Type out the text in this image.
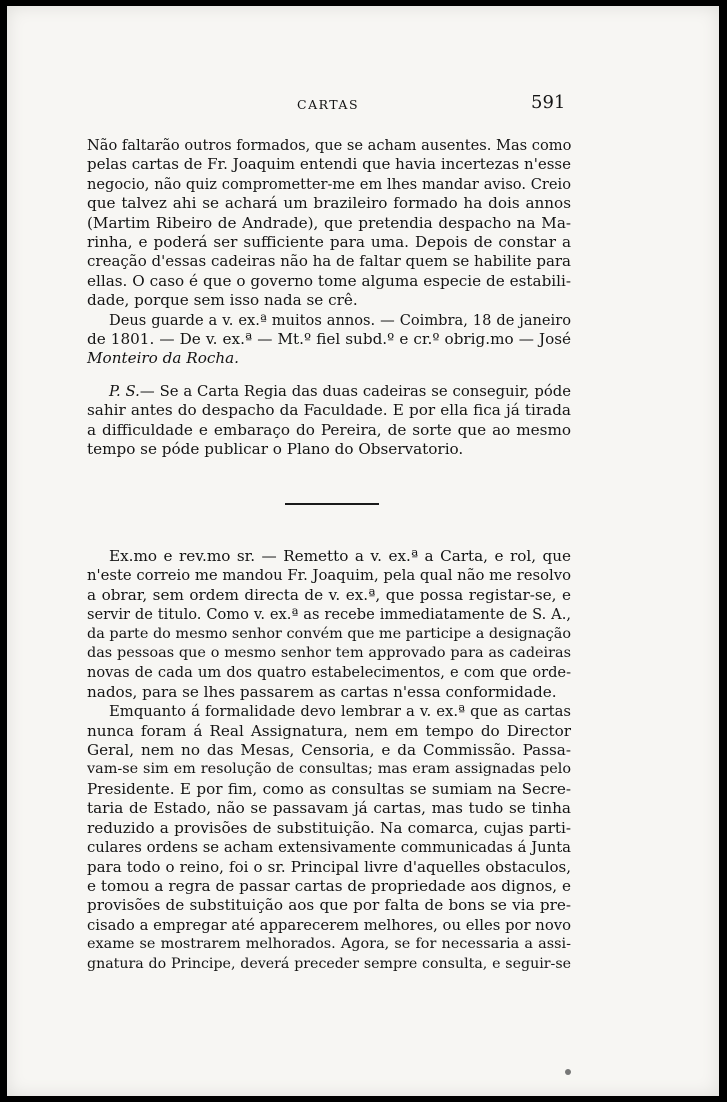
CARTAS	591
Não faltarão outros formados, que se acham ausentes. Mas como
pelas cartas de Fr. Joaquim entendi que havia incertezas n'esse
negocio, não quiz comprometter-me em lhes mandar aviso. Creio
que talvez ahi se achará um brazileiro formado ha dois annos
(Martim Ribeiro de Andrade), que pretendia despacho na Ma-
rinha, e poderá ser sufficiente para uma. Depois de constar a
creação d'essas cadeiras não ha de faltar quem se habilite para
ellas. O caso é que o governo tome alguma especie de estabili-
dade, porque sem isso nada se crê.
Deus guarde a v. ex.ª muitos annos. — Coimbra, 18 de janeiro
de 1801. — De v. ex.ª — Mt.º fiel subd.º e cr.º obrig.mo — José
Monteiro da Rocha.
P. S.— Se a Carta Regia das duas cadeiras se conseguir, póde
sahir antes do despacho da Faculdade. E por ella fica já tirada
a difficuldade e embaraço do Pereira, de sorte que ao mesmo
tempo se póde publicar o Plano do Observatorio.
Ex.mo e rev.mo sr. — Remetto a v. ex.ª a Carta, e rol, que
n'este correio me mandou Fr. Joaquim, pela qual não me resolvo
a obrar, sem ordem directa de v. ex.ª, que possa registar-se, e
servir de titulo. Como v. ex.ª as recebe immediatamente de S. A.,
da parte do mesmo senhor convém que me participe a designação
das pessoas que o mesmo senhor tem approvado para as cadeiras
novas de cada um dos quatro estabelecimentos, e com que orde-
nados, para se lhes passarem as cartas n'essa conformidade.
Emquanto á formalidade devo lembrar a v. ex.ª que as cartas
nunca foram á Real Assignatura, nem em tempo do Director
Geral, nem no das Mesas, Censoria, e da Commissão. Passa-
vam-se sim em resolução de consultas; mas eram assignadas pelo
Presidente. E por fim, como as consultas se sumiam na Secre-
taria de Estado, não se passavam já cartas, mas tudo se tinha
reduzido a provisões de substituição. Na comarca, cujas parti-
culares ordens se acham extensivamente communicadas á Junta
para todo o reino, foi o sr. Principal livre d'aquelles obstaculos,
e tomou a regra de passar cartas de propriedade aos dignos, e
provisões de substituição aos que por falta de bons se via pre-
cisado a empregar até apparecerem melhores, ou elles por novo
exame se mostrarem melhorados. Agora, se for necessaria a assi-
gnatura do Principe, deverá preceder sempre consulta, e seguir-se
